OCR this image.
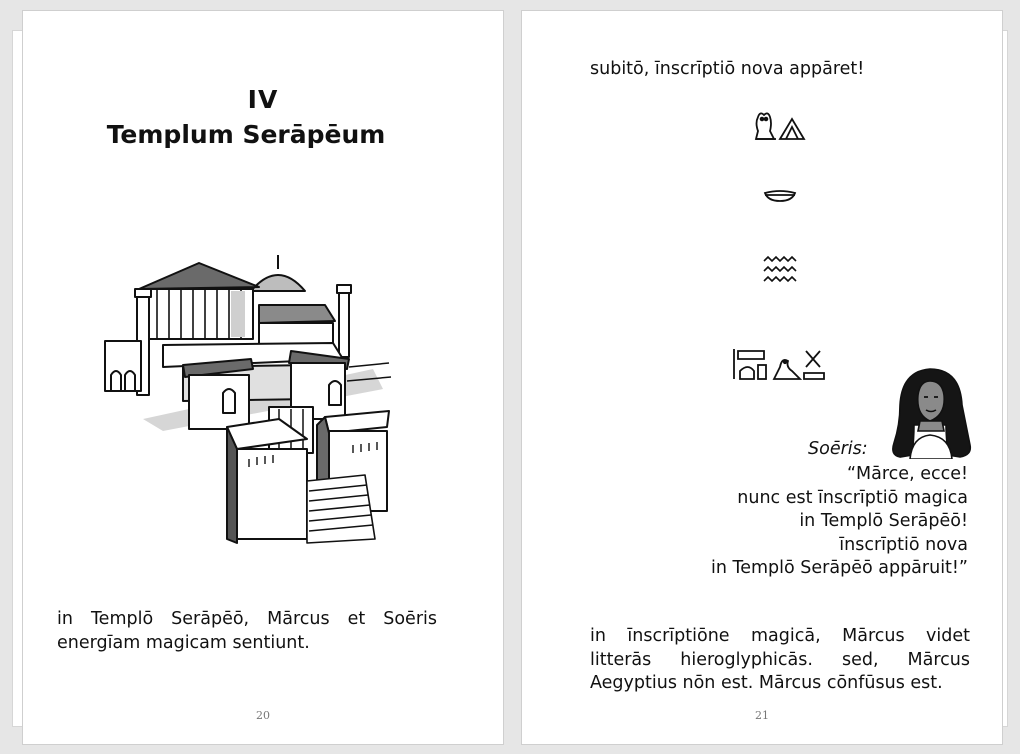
IV
Templum Serāpēum
in Templō Serāpēō, Mārcus et Soēris energīam magicam sentiunt.
20
subitō, īnscrīptiō nova appāret!
Soēris:
“Mārce, ecce!
nunc est īnscrīptiō magica
in Templō Serāpēō!
īnscrīptiō nova
in Templō Serāpēō appāruit!”
in īnscrīptiōne magicā, Mārcus videt litterās hieroglyphicās. sed, Mārcus Aegyptius nōn est. Mārcus cōnfūsus est.
21
